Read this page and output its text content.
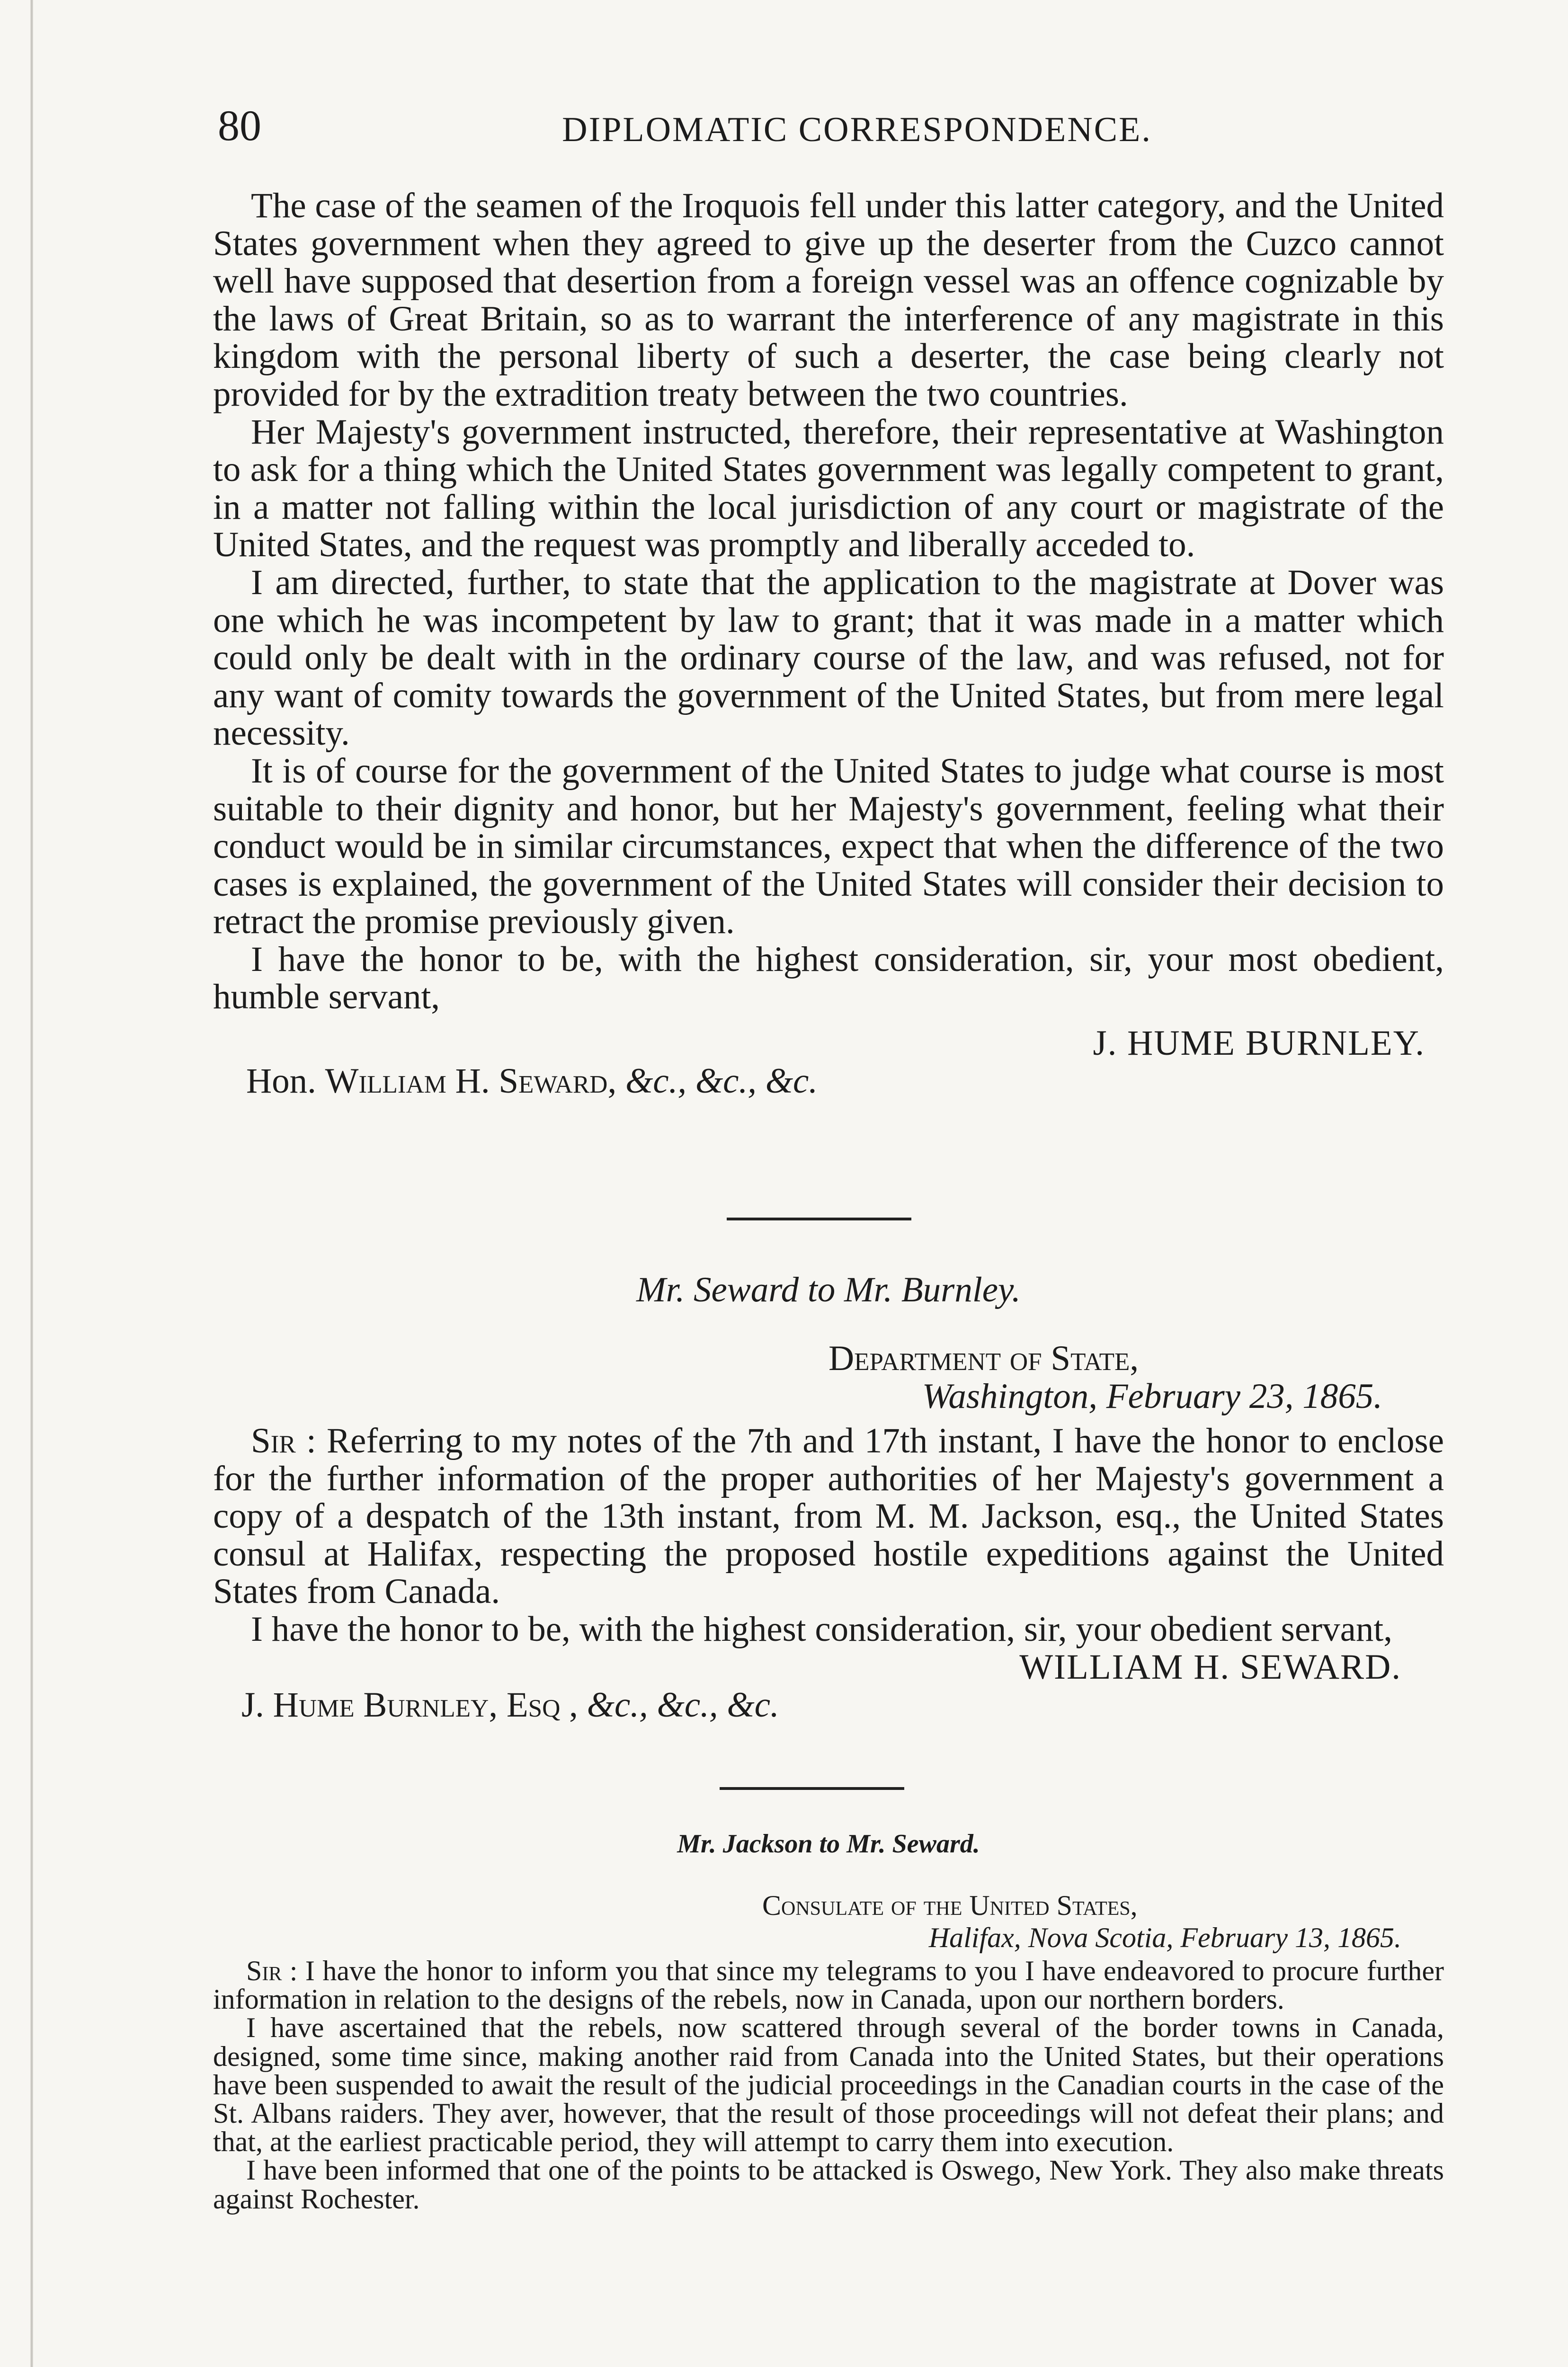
80	DIPLOMATIC CORRESPONDENCE.

The case of the seamen of the Iroquois fell under this latter category, and the United States government when they agreed to give up the deserter from the Cuzco cannot well have supposed that desertion from a foreign vessel was an offence cognizable by the laws of Great Britain, so as to warrant the interference of any magistrate in this kingdom with the personal liberty of such a deserter, the case being clearly not provided for by the extradition treaty between the two countries.

Her Majesty's government instructed, therefore, their representative at Washington to ask for a thing which the United States government was legally competent to grant, in a matter not falling within the local jurisdiction of any court or magistrate of the United States, and the request was promptly and liberally acceded to.

I am directed, further, to state that the application to the magistrate at Dover was one which he was incompetent by law to grant; that it was made in a matter which could only be dealt with in the ordinary course of the law, and was refused, not for any want of comity towards the government of the United States, but from mere legal necessity.

It is of course for the government of the United States to judge what course is most suitable to their dignity and honor, but her Majesty's government, feeling what their conduct would be in similar circumstances, expect that when the difference of the two cases is explained, the government of the United States will consider their decision to retract the promise previously given.

I have the honor to be, with the highest consideration, sir, your most obedient, humble servant,

J. HUME BURNLEY.
Hon. William H. Seward, &c., &c., &c.
Mr. Seward to Mr. Burnley.
Department of State,
Washington, February 23, 1865.

Sir : Referring to my notes of the 7th and 17th instant, I have the honor to enclose for the further information of the proper authorities of her Majesty's government a copy of a despatch of the 13th instant, from M. M. Jackson, esq., the United States consul at Halifax, respecting the proposed hostile expeditions against the United States from Canada.

I have the honor to be, with the highest consideration, sir, your obedient servant,

WILLIAM H. SEWARD.
J. Hume Burnley, Esq , &c., &c., &c.
Mr. Jackson to Mr. Seward.
Consulate of the United States,
Halifax, Nova Scotia, February 13, 1865.

Sir : I have the honor to inform you that since my telegrams to you I have endeavored to procure further information in relation to the designs of the rebels, now in Canada, upon our northern borders.

I have ascertained that the rebels, now scattered through several of the border towns in Canada, designed, some time since, making another raid from Canada into the United States, but their operations have been suspended to await the result of the judicial proceedings in the Canadian courts in the case of the St. Albans raiders. They aver, however, that the result of those proceedings will not defeat their plans; and that, at the earliest practicable period, they will attempt to carry them into execution.

I have been informed that one of the points to be attacked is Oswego, New York. They also make threats against Rochester.
